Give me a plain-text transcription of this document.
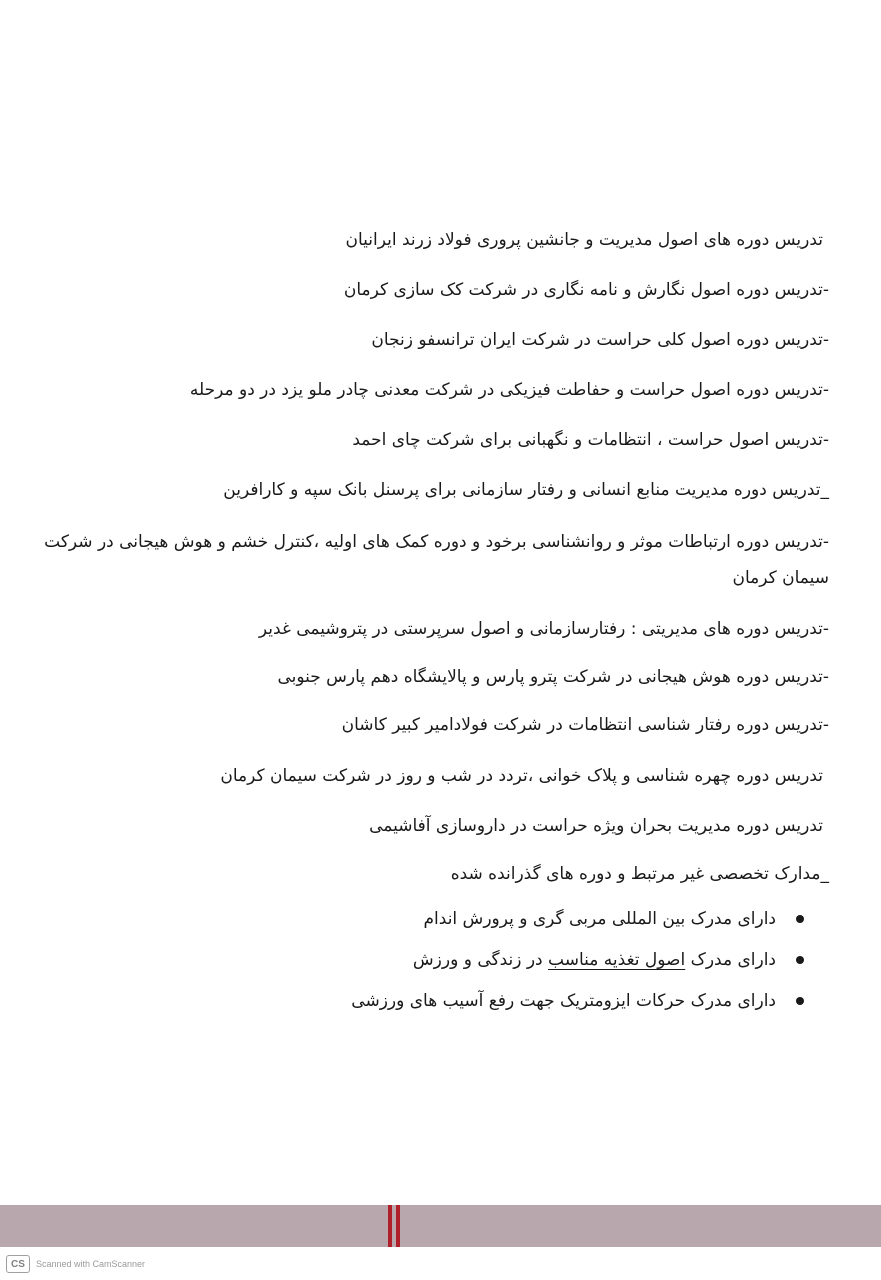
تدریس دوره های اصول مدیریت و جانشین پروری فولاد زرند ایرانیان
-تدریس دوره اصول نگارش و نامه نگاری در شرکت کک سازی کرمان
-تدریس دوره اصول کلی حراست در شرکت ایران ترانسفو زنجان
-تدریس دوره اصول حراست و حفاطت فیزیکی در شرکت معدنی چادر ملو یزد در دو مرحله
-تدریس اصول حراست ، انتظامات و نگهبانی برای شرکت چای احمد
_تدریس دوره مدیریت منابع انسانی و رفتار سازمانی برای پرسنل بانک سپه و کارافرین
-تدریس دوره ارتباطات موثر و روانشناسی برخود و دوره کمک های اولیه ،کنترل خشم و هوش هیجانی در شرکت سیمان کرمان
-تدریس دوره های مدیریتی : رفتارسازمانی و اصول سرپرستی در پتروشیمی غدیر
-تدریس دوره هوش هیجانی در شرکت پترو پارس و پالایشگاه دهم پارس جنوبی
-تدریس دوره رفتار شناسی انتظامات در شرکت فولادامیر کبیر کاشان
تدریس دوره چهره شناسی و پلاک خوانی ،تردد در شب و روز در شرکت سیمان کرمان
تدریس دوره مدیریت بحران ویژه حراست در داروسازی آفاشیمی
_مدارک تخصصی غیر مرتبط و دوره های گذرانده شده
دارای مدرک بین المللی مربی گری و پرورش اندام
دارای مدرک اصول تغذیه مناسب در زندگی و ورزش
دارای مدرک حرکات ایزومتریک جهت رفع آسیب های ورزشی
CS	Scanned with CamScanner
